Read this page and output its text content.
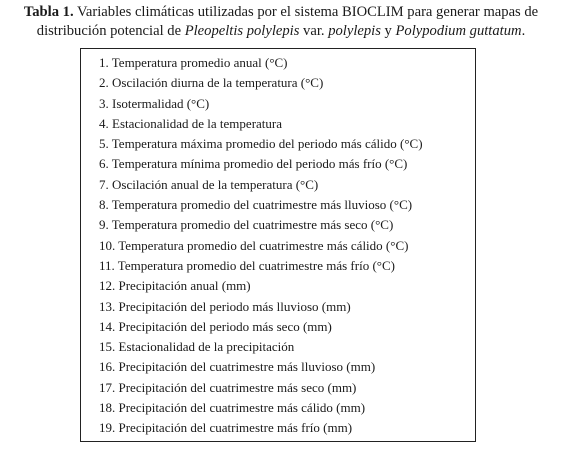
Tabla 1. Variables climáticas utilizadas por el sistema BIOCLIM para generar mapas de distribución potencial de Pleopeltis polylepis var. polylepis y Polypodium guttatum.
1. Temperatura promedio anual (°C)
2. Oscilación diurna de la temperatura (°C)
3. Isotermalidad (°C)
4. Estacionalidad de la temperatura
5. Temperatura máxima promedio del periodo más cálido (°C)
6. Temperatura mínima promedio del periodo más frío (°C)
7. Oscilación anual de la temperatura (°C)
8. Temperatura promedio del cuatrimestre más lluvioso (°C)
9. Temperatura promedio del cuatrimestre más seco (°C)
10. Temperatura promedio del cuatrimestre más cálido (°C)
11. Temperatura promedio del cuatrimestre más frío (°C)
12. Precipitación anual (mm)
13. Precipitación del periodo más lluvioso (mm)
14. Precipitación del periodo más seco (mm)
15. Estacionalidad de la precipitación
16. Precipitación del cuatrimestre más lluvioso (mm)
17. Precipitación del cuatrimestre más seco (mm)
18. Precipitación del cuatrimestre más cálido (mm)
19. Precipitación del cuatrimestre más frío (mm)
